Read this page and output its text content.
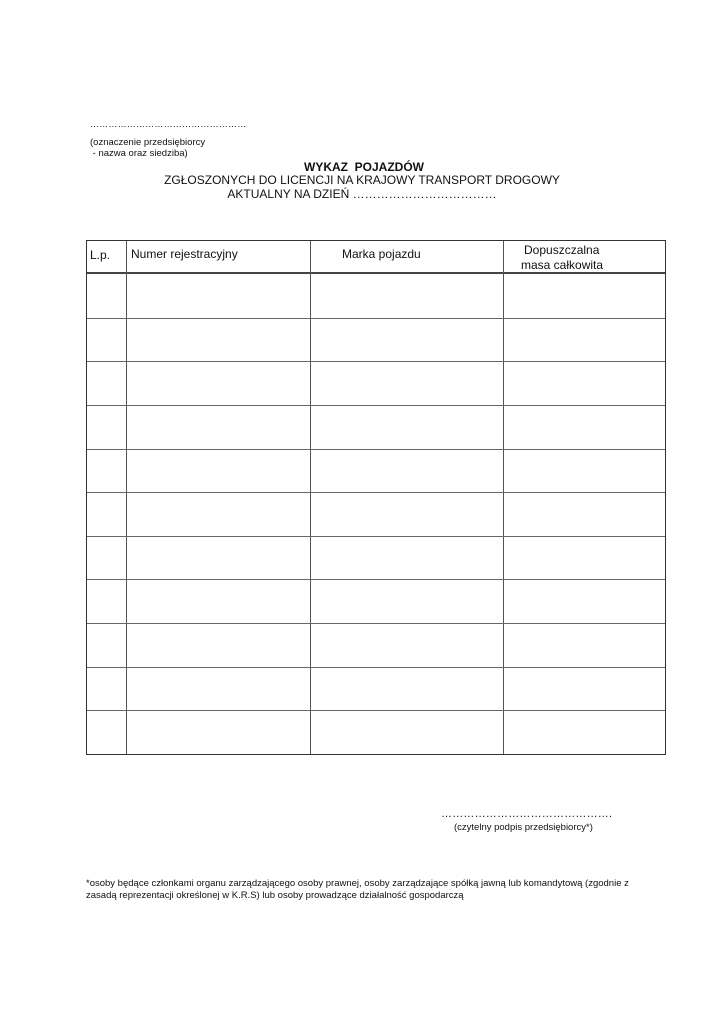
……………………………………………
(oznaczenie przedsiębiorcy
- nazwa oraz siedziba)
WYKAZ  POJAZDÓW
ZGŁOSZONYCH DO LICENCJI NA KRAJOWY TRANSPORT DROGOWY
AKTUALNY NA DZIEŃ ………………………………
L.p. Numer rejestracyjny	Marka pojazdu	Dopuszczalna
masa całkowita
……………………………………….
(czytelny podpis przedsiębiorcy*)
*osoby będące członkami organu zarządzającego osoby prawnej, osoby zarządzające spółką jawną lub komandytową (zgodnie z zasadą reprezentacji określonej w K.R.S) lub osoby prowadzące działalność gospodarczą
